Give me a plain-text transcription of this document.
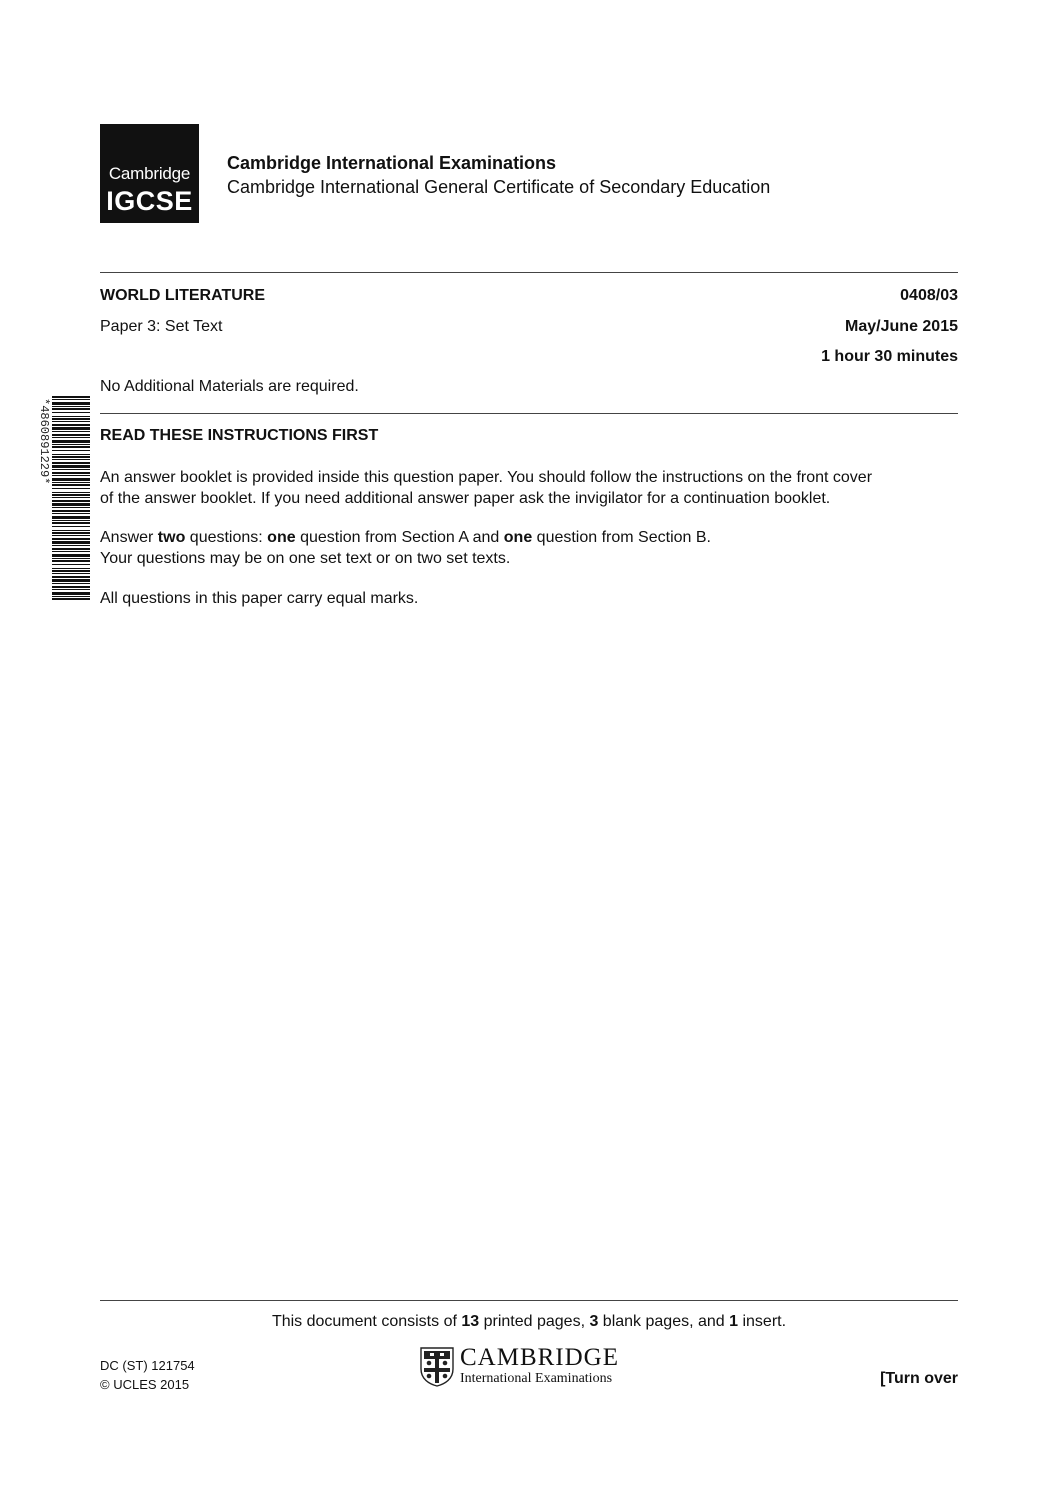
Cambridge
IGCSE
Cambridge International Examinations
Cambridge International General Certificate of Secondary Education
WORLD LITERATURE	0408/03
Paper 3: Set Text	May/June 2015
1 hour 30 minutes
No Additional Materials are required.
*4860891229*	READ THESE INSTRUCTIONS FIRST
An answer booklet is provided inside this question paper. You should follow the instructions on the front cover
of the answer booklet. If you need additional answer paper ask the invigilator for a continuation booklet.
Answer two questions: one question from Section A and one question from Section B.
Your questions may be on one set text or on two set texts.
All questions in this paper carry equal marks.
This document consists of 13 printed pages, 3 blank pages, and 1 insert.
DC (ST) 121754
© UCLES 2015
CAMBRIDGE
International Examinations	[Turn over
